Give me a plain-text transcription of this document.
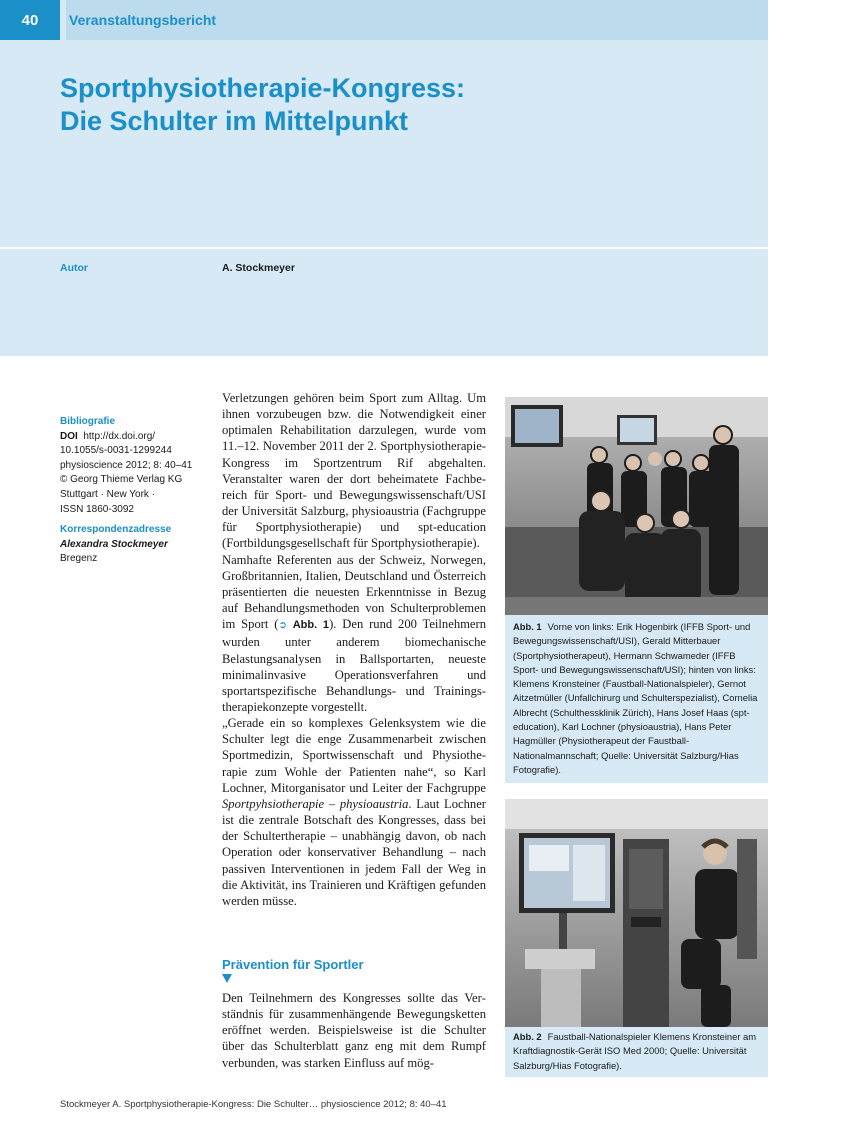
40	Veranstaltungsbericht
Sportphysiotherapie-Kongress:
Die Schulter im Mittelpunkt
Autor	A. Stockmeyer
Bibliografie
DOI http://dx.doi.org/
10.1055/s-0031-1299244
physioscience 2012; 8: 40–41
© Georg Thieme Verlag KG
Stuttgart · New York ·
ISSN 1860-3092
Korrespondenzadresse
Alexandra Stockmeyer
Bregenz

Verletzungen gehören beim Sport zum Alltag. Um ihnen vorzubeugen bzw. die Notwendigkeit einer optimalen Rehabilitation darzulegen, wurde vom 11.–12. November 2011 der 2. Sportphysiotherapie-Kongress im Sportzentrum Rif abgehalten. Veranstalter waren der dort beheimatete Fachbereich für Sport- und Bewegungswissenschaft/USI der Universität Salzburg, physioaustria (Fachgruppe für Sportphysiotherapie) und spt-education (Fortbildungsgesellschaft für Sportphysiotherapie).

Namhafte Referenten aus der Schweiz, Norwegen, Großbritannien, Italien, Deutschland und Österreich präsentierten die neuesten Erkenntnisse in Bezug auf Behandlungsmethoden von Schulterproblemen im Sport (➲ Abb. 1). Den rund 200 Teilnehmern wurden unter anderem biomechanische Belastungsanalysen in Ballsportarten, neueste minimalinvasive Operationsverfahren und sportartspezifische Behandlungs- und Trainingstherapiekonzepte vorgestellt.

„Gerade ein so komplexes Gelenksystem wie die Schulter legt die enge Zusammenarbeit zwischen Sportmedizin, Sportwissenschaft und Physiotherapie zum Wohle der Patienten nahe“, so Karl Lochner, Mitorganisator und Leiter der Fachgruppe Sportpyhsiotherapie – physioaustria. Laut Lochner ist die zentrale Botschaft des Kongresses, dass bei der Schultertherapie – unabhängig davon, ob nach Operation oder konservativer Behandlung – nach passiven Interventionen in jedem Fall der Weg in die Aktivität, ins Trainieren und Kräftigen gefunden werden müsse.

Prävention für Sportler

Den Teilnehmern des Kongresses sollte das Verständnis für zusammenhängende Bewegungsketten eröffnet werden. Beispielsweise ist die Schulter über das Schulterblatt ganz eng mit dem Rumpf verbunden, was starken Einfluss auf mög-

Abb. 1 Vorne von links: Erik Hogenbirk (IFFB Sport- und Bewegungswissenschaft/USI), Gerald Mitterbauer (Sportphysiotherapeut), Hermann Schwameder (IFFB Sport- und Bewegungswissenschaft/USI); hinten von links: Klemens Kronsteiner (Faustball-Nationalspieler), Gernot Aitzetmüller (Unfallchirurg und Schulterspezialist), Cornelia Albrecht (Schulthessklinik Zürich), Hans Josef Haas (spt-education), Karl Lochner (physioaustria), Hans Peter Hagmüller (Physiotherapeut der Faustball-Nationalmannschaft; Quelle: Universität Salzburg/Hias Fotografie).
Abb. 2 Faustball-Nationalspieler Klemens Kronsteiner am Kraftdiagnostik-Gerät ISO Med 2000; Quelle: Universität Salzburg/Hias Fotografie).
Stockmeyer A. Sportphysiotherapie-Kongress: Die Schulter… physioscience 2012; 8: 40–41
